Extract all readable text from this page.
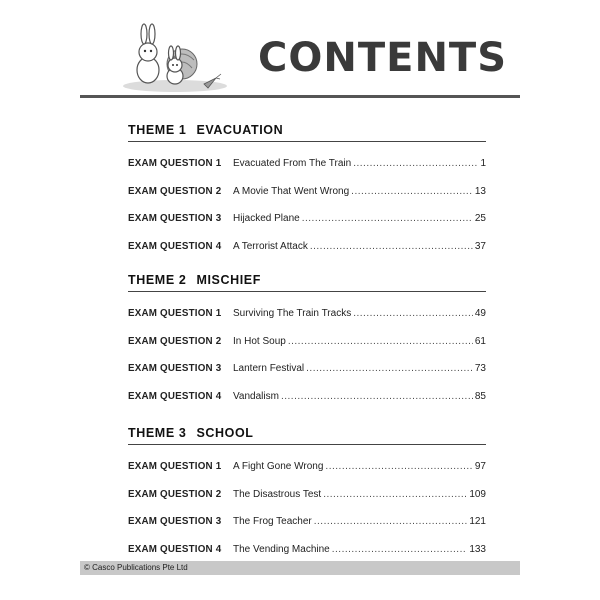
CONTENTS
THEME 1 EVACUATION
EXAM QUESTION 1	Evacuated From The Train .....	1
EXAM QUESTION 2	A Movie That Went Wrong .....	13
EXAM QUESTION 3	Hijacked Plane .....	25
EXAM QUESTION 4	A Terrorist Attack .....	37
THEME 2 MISCHIEF
EXAM QUESTION 1	Surviving The Train Tracks .....	49
EXAM QUESTION 2	In Hot Soup .....	61
EXAM QUESTION 3	Lantern Festival .....	73
EXAM QUESTION 4	Vandalism .....	85
THEME 3 SCHOOL
EXAM QUESTION 1	A Fight Gone Wrong .....	97
EXAM QUESTION 2	The Disastrous Test .....	109
EXAM QUESTION 3	The Frog Teacher .....	121
EXAM QUESTION 4	The Vending Machine .....	133
© Casco Publications Pte Ltd
